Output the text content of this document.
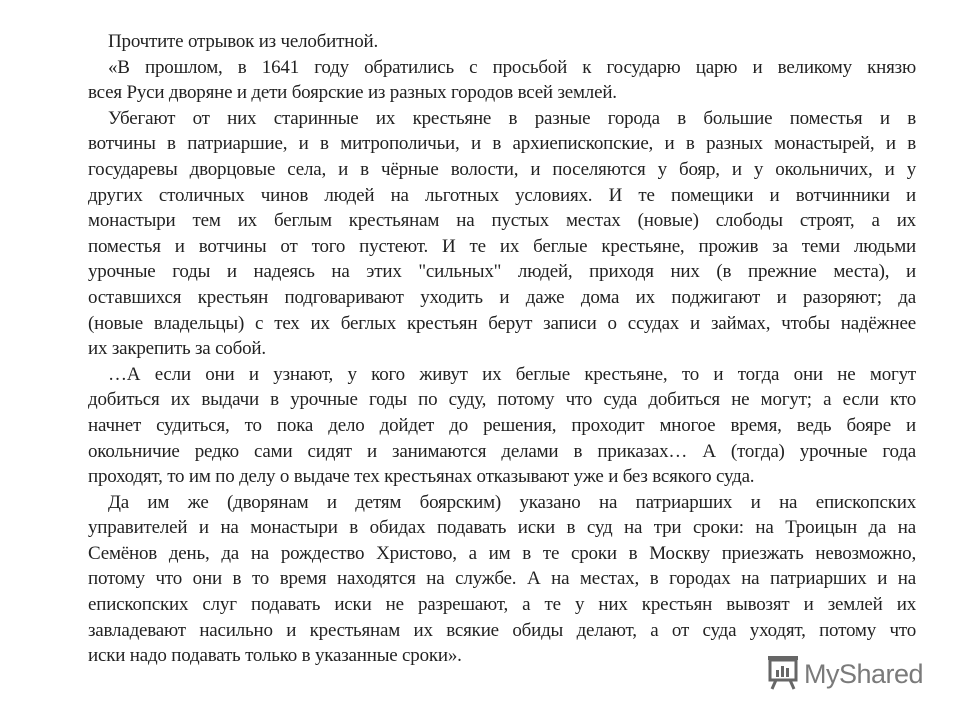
Прочтите отрывок из челобитной.
«В прошлом, в 1641 году обратились с просьбой к государю царю и великому князю
всея Руси дворяне и дети боярские из разных городов всей землей.
Убегают от них старинные их крестьяне в разные города в большие поместья и в
вотчины в патриаршие, и в митрополичьи, и в архиепископские, и в разных монастырей, и в
государевы дворцовые села, и в чёрные волости, и поселяются у бояр, и у окольничих, и у
других столичных чинов людей на льготных условиях. И те помещики и вотчинники и
монастыри тем их беглым крестьянам на пустых местах (новые) слободы строят, а их
поместья и вотчины от того пустеют. И те их беглые крестьяне, прожив за теми людьми
урочные годы и надеясь на этих "сильных" людей, приходя них (в прежние места), и
оставшихся крестьян подговаривают уходить и даже дома их поджигают и разоряют; да
(новые владельцы) с тех их беглых крестьян берут записи о ссудах и займах, чтобы надёжнее
их закрепить за собой.
…А если они и узнают, у кого живут их беглые крестьяне, то и тогда они не могут
добиться их выдачи в урочные годы по суду, потому что суда добиться не могут; а если кто
начнет судиться, то пока дело дойдет до решения, проходит многое время, ведь бояре и
окольничие редко сами сидят и занимаются делами в приказах… А (тогда) урочные года
проходят, то им по делу о выдаче тех крестьянах отказывают уже и без всякого суда.
Да им же (дворянам и детям боярским) указано на патриарших и на епископских
управителей и на монастыри в обидах подавать иски в суд на три сроки: на Троицын да на
Семёнов день, да на рождество Христово, а им в те сроки в Москву приезжать невозможно,
потому что они в то время находятся на службе. А на местах, в городах на патриарших и на
епископских слуг подавать иски не разрешают, а те у них крестьян вывозят и землей их
завладевают насильно и крестьянам их всякие обиды делают, а от суда уходят, потому что
иски надо подавать только в указанные сроки».
MyShared
